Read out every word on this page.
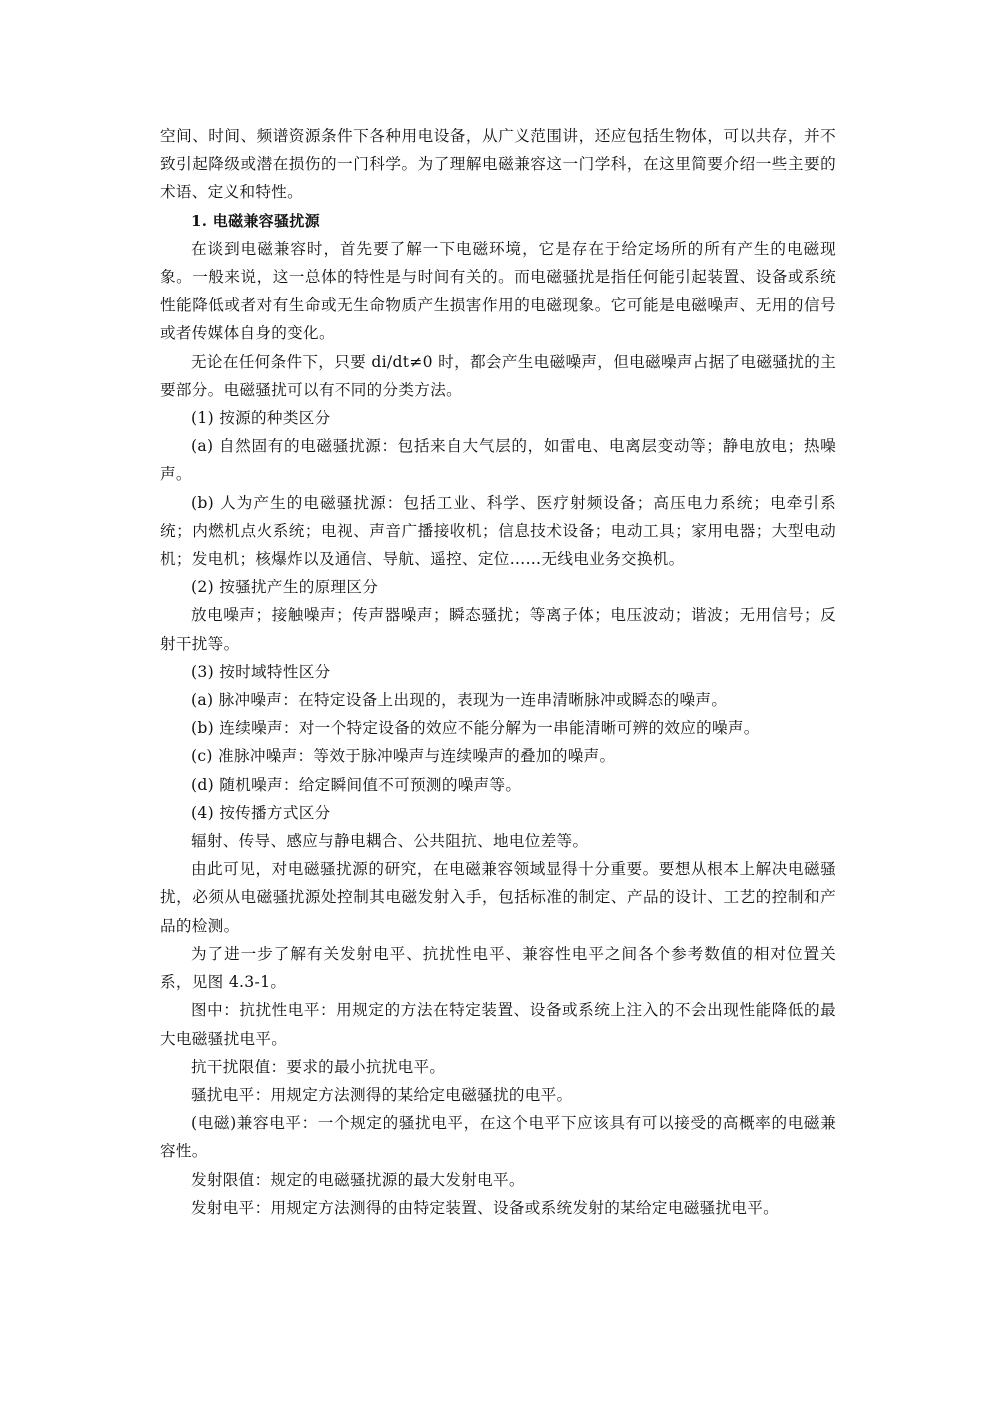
空间、时间、频谱资源条件下各种用电设备，从广义范围讲，还应包括生物体，可以共存，并不致引起降级或潜在损伤的一门科学。为了理解电磁兼容这一门学科，在这里简要介绍一些主要的术语、定义和特性。

1. 电磁兼容骚扰源

在谈到电磁兼容时，首先要了解一下电磁环境，它是存在于给定场所的所有产生的电磁现象。一般来说，这一总体的特性是与时间有关的。而电磁骚扰是指任何能引起装置、设备或系统性能降低或者对有生命或无生命物质产生损害作用的电磁现象。它可能是电磁噪声、无用的信号或者传媒体自身的变化。

无论在任何条件下，只要 di/dt≠0 时，都会产生电磁噪声，但电磁噪声占据了电磁骚扰的主要部分。电磁骚扰可以有不同的分类方法。

(1) 按源的种类区分

(a) 自然固有的电磁骚扰源：包括来自大气层的，如雷电、电离层变动等；静电放电；热噪声。

(b) 人为产生的电磁骚扰源：包括工业、科学、医疗射频设备；高压电力系统；电牵引系统；内燃机点火系统；电视、声音广播接收机；信息技术设备；电动工具；家用电器；大型电动机；发电机；核爆炸以及通信、导航、遥控、定位……无线电业务交换机。

(2) 按骚扰产生的原理区分

放电噪声；接触噪声；传声器噪声；瞬态骚扰；等离子体；电压波动；谐波；无用信号；反射干扰等。

(3) 按时域特性区分

(a) 脉冲噪声：在特定设备上出现的，表现为一连串清晰脉冲或瞬态的噪声。

(b) 连续噪声：对一个特定设备的效应不能分解为一串能清晰可辨的效应的噪声。

(c) 准脉冲噪声：等效于脉冲噪声与连续噪声的叠加的噪声。

(d) 随机噪声：给定瞬间值不可预测的噪声等。

(4) 按传播方式区分

辐射、传导、感应与静电耦合、公共阻抗、地电位差等。

由此可见，对电磁骚扰源的研究，在电磁兼容领域显得十分重要。要想从根本上解决电磁骚扰，必须从电磁骚扰源处控制其电磁发射入手，包括标准的制定、产品的设计、工艺的控制和产品的检测。

为了进一步了解有关发射电平、抗扰性电平、兼容性电平之间各个参考数值的相对位置关系，见图 4.3-1。

图中：抗扰性电平：用规定的方法在特定装置、设备或系统上注入的不会出现性能降低的最大电磁骚扰电平。

抗干扰限值：要求的最小抗扰电平。

骚扰电平：用规定方法测得的某给定电磁骚扰的电平。

(电磁)兼容电平：一个规定的骚扰电平，在这个电平下应该具有可以接受的高概率的电磁兼容性。

发射限值：规定的电磁骚扰源的最大发射电平。

发射电平：用规定方法测得的由特定装置、设备或系统发射的某给定电磁骚扰电平。
